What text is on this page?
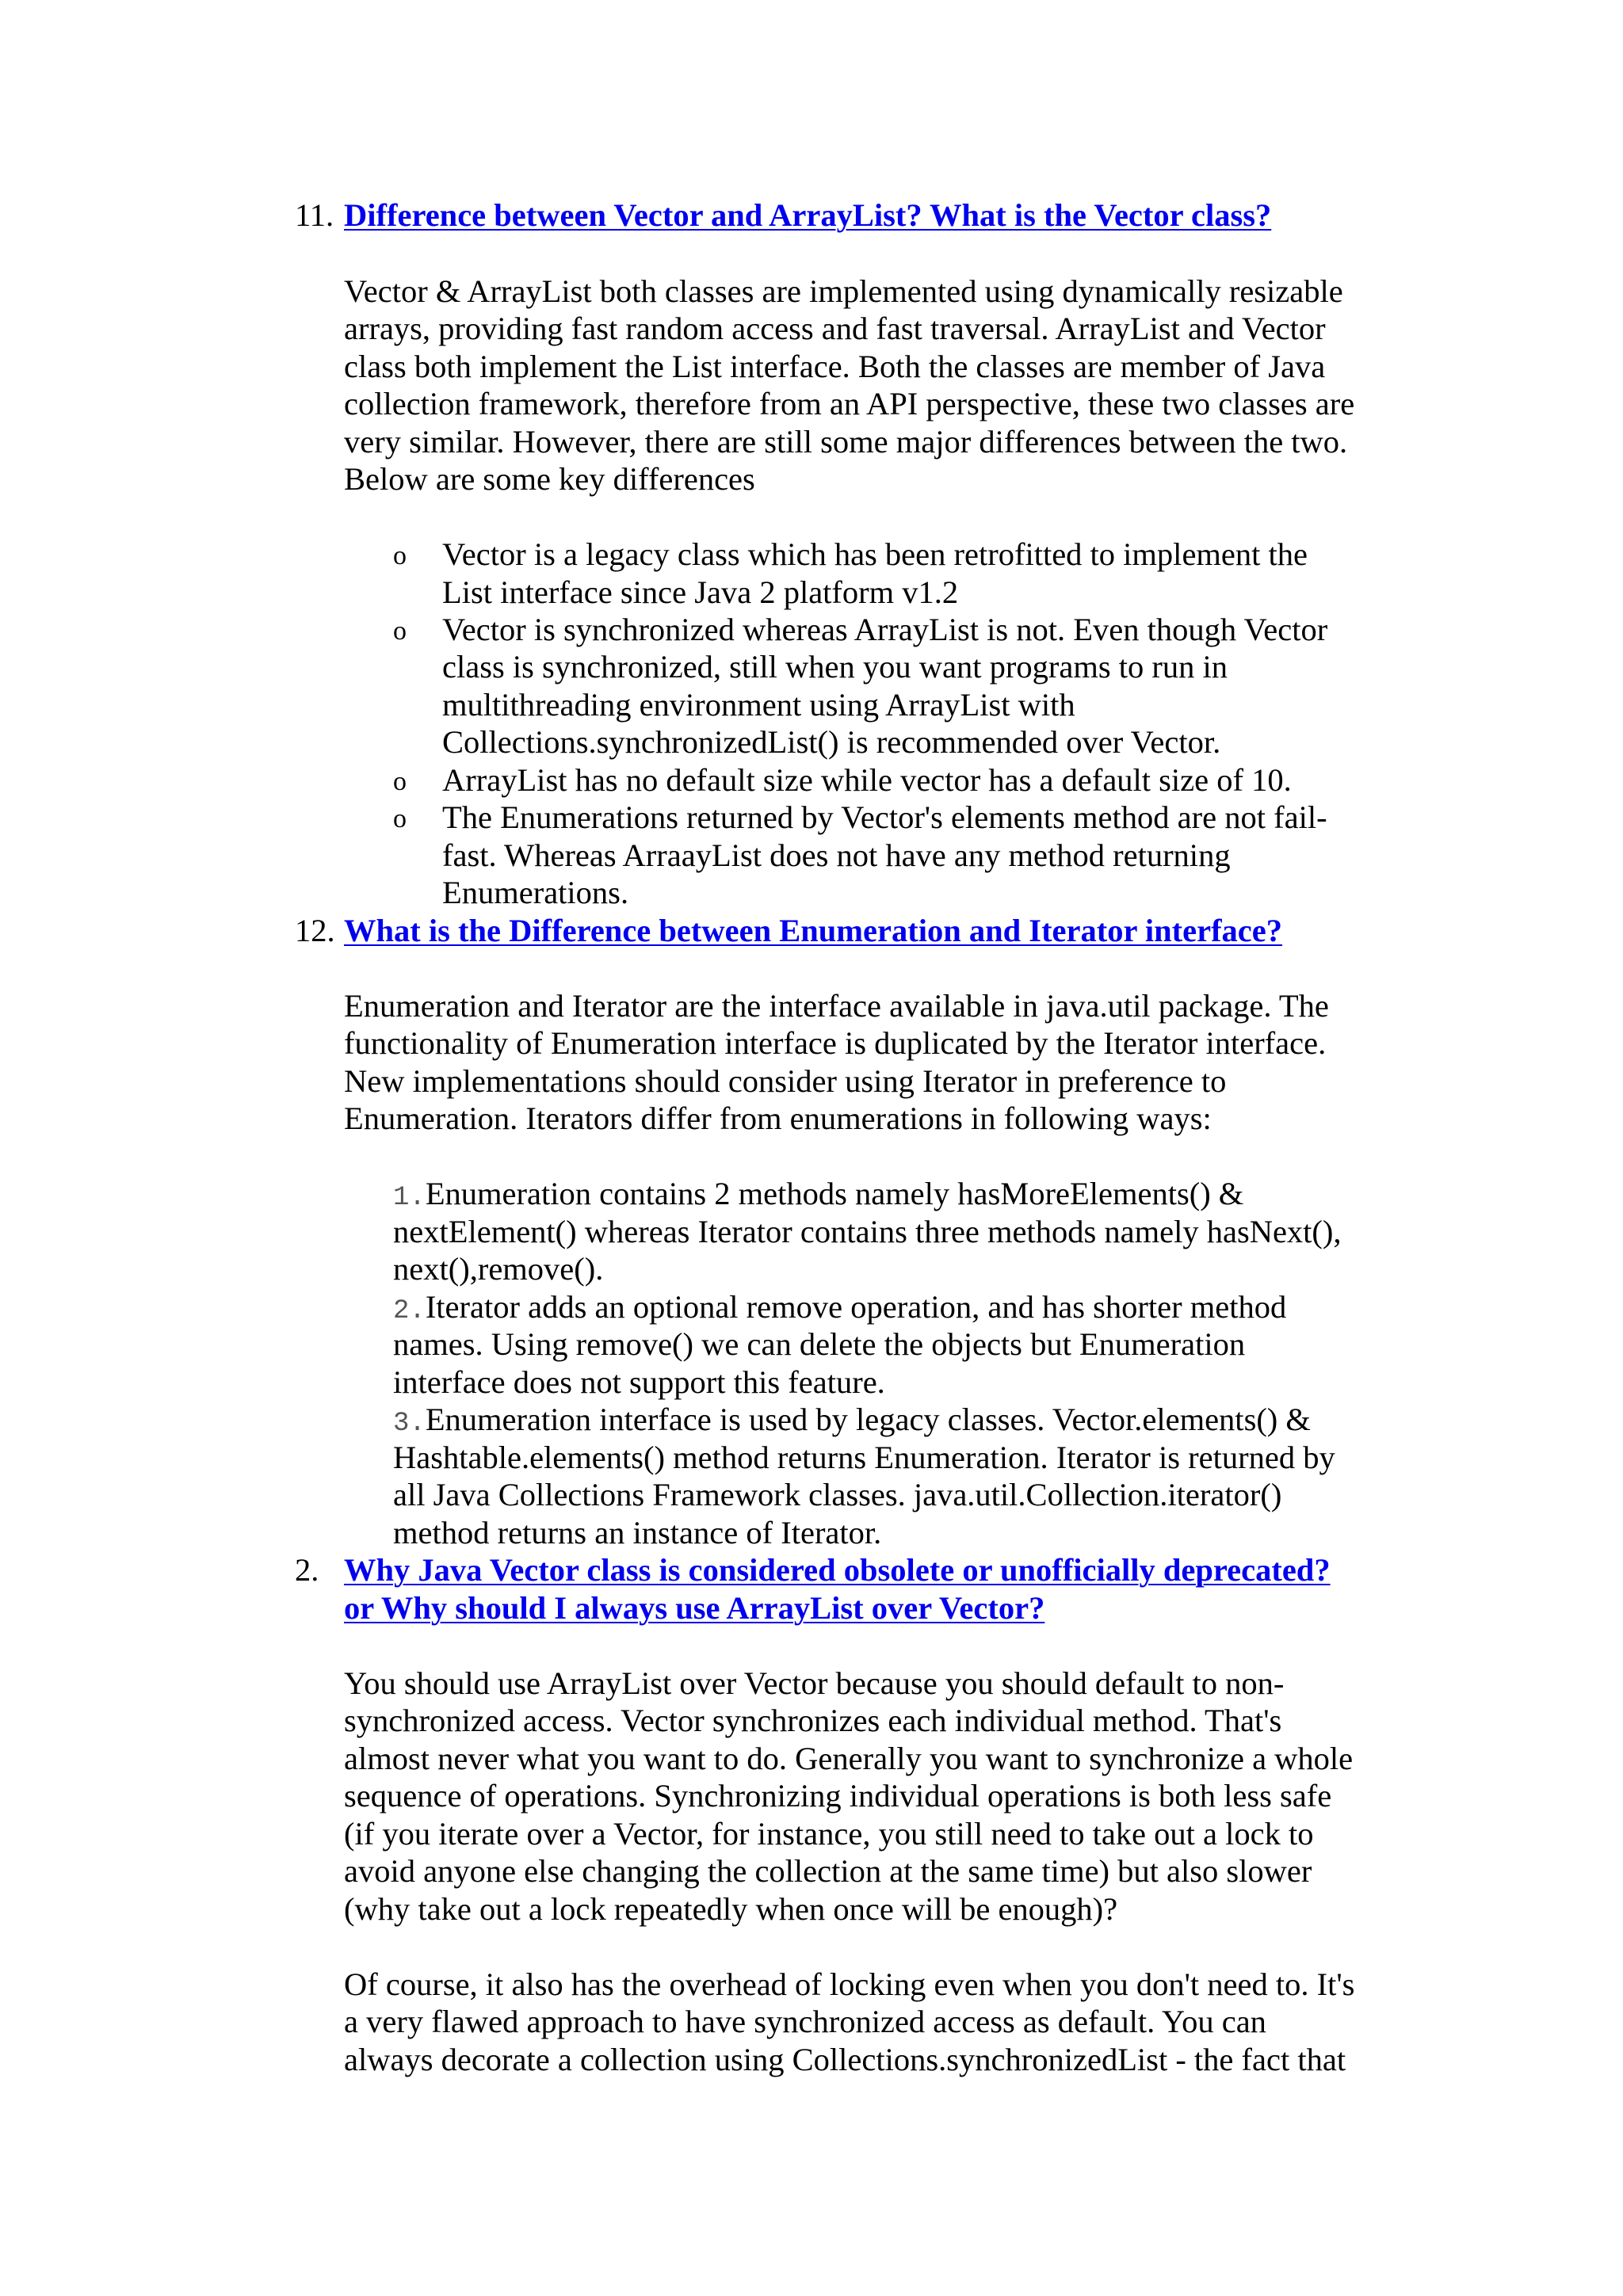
11. Difference between Vector and ArrayList? What is the Vector class?

Vector & ArrayList both classes are implemented using dynamically resizable

arrays, providing fast random access and fast traversal. ArrayList and Vector

class both implement the List interface. Both the classes are member of Java

collection framework, therefore from an API perspective, these two classes are

very similar. However, there are still some major differences between the two.

Below are some key differences

o Vector is a legacy class which has been retrofitted to implement the

List interface since Java 2 platform v1.2

o Vector is synchronized whereas ArrayList is not. Even though Vector

class is synchronized, still when you want programs to run in

multithreading environment using ArrayList with

Collections.synchronizedList() is recommended over Vector.

o ArrayList has no default size while vector has a default size of 10.

o The Enumerations returned by Vector's elements method are not fail-

fast. Whereas ArraayList does not have any method returning

Enumerations.

12. What is the Difference between Enumeration and Iterator interface?

Enumeration and Iterator are the interface available in java.util package. The

functionality of Enumeration interface is duplicated by the Iterator interface.

New implementations should consider using Iterator in preference to

Enumeration. Iterators differ from enumerations in following ways:

1.Enumeration contains 2 methods namely hasMoreElements() &

nextElement() whereas Iterator contains three methods namely hasNext(),

next(),remove().

2.Iterator adds an optional remove operation, and has shorter method

names. Using remove() we can delete the objects but Enumeration

interface does not support this feature.

3.Enumeration interface is used by legacy classes. Vector.elements() &

Hashtable.elements() method returns Enumeration. Iterator is returned by

all Java Collections Framework classes. java.util.Collection.iterator()

method returns an instance of Iterator.

2. Why Java Vector class is considered obsolete or unofficially deprecated?
or Why should I always use ArrayList over Vector?

You should use ArrayList over Vector because you should default to non-

synchronized access. Vector synchronizes each individual method. That's

almost never what you want to do. Generally you want to synchronize a whole

sequence of operations. Synchronizing individual operations is both less safe

(if you iterate over a Vector, for instance, you still need to take out a lock to

avoid anyone else changing the collection at the same time) but also slower

(why take out a lock repeatedly when once will be enough)?

Of course, it also has the overhead of locking even when you don't need to. It's

a very flawed approach to have synchronized access as default. You can

always decorate a collection using Collections.synchronizedList - the fact that
